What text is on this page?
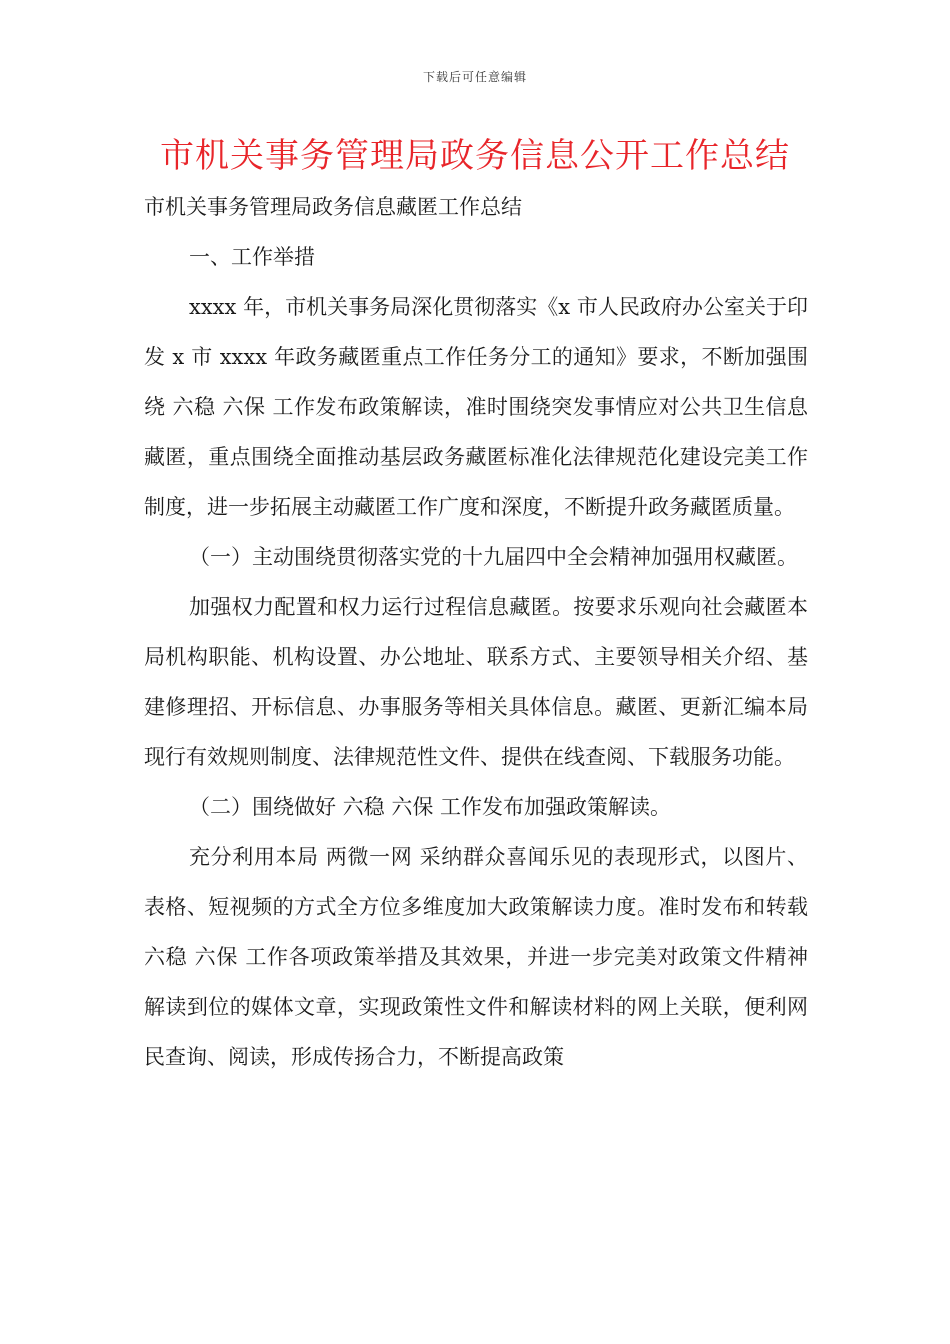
下载后可任意编辑
市机关事务管理局政务信息公开工作总结

市机关事务管理局政务信息藏匿工作总结

一、工作举措

xxxx 年，市机关事务局深化贯彻落实《x 市人民政府办公室关于印发 x 市 xxxx 年政务藏匿重点工作任务分工的通知》要求，不断加强围绕 六稳 六保 工作发布政策解读，准时围绕突发事情应对公共卫生信息藏匿，重点围绕全面推动基层政务藏匿标准化法律规范化建设完美工作制度，进一步拓展主动藏匿工作广度和深度，不断提升政务藏匿质量。

（一）主动围绕贯彻落实党的十九届四中全会精神加强用权藏匿。

加强权力配置和权力运行过程信息藏匿。按要求乐观向社会藏匿本局机构职能、机构设置、办公地址、联系方式、主要领导相关介绍、基建修理招、开标信息、办事服务等相关具体信息。藏匿、更新汇编本局现行有效规则制度、法律规范性文件、提供在线查阅、下载服务功能。

（二）围绕做好 六稳 六保 工作发布加强政策解读。

充分利用本局 两微一网 采纳群众喜闻乐见的表现形式，以图片、表格、短视频的方式全方位多维度加大政策解读力度。准时发布和转载 六稳 六保 工作各项政策举措及其效果，并进一步完美对政策文件精神解读到位的媒体文章，实现政策性文件和解读材料的网上关联，便利网民查询、阅读，形成传扬合力，不断提高政策
